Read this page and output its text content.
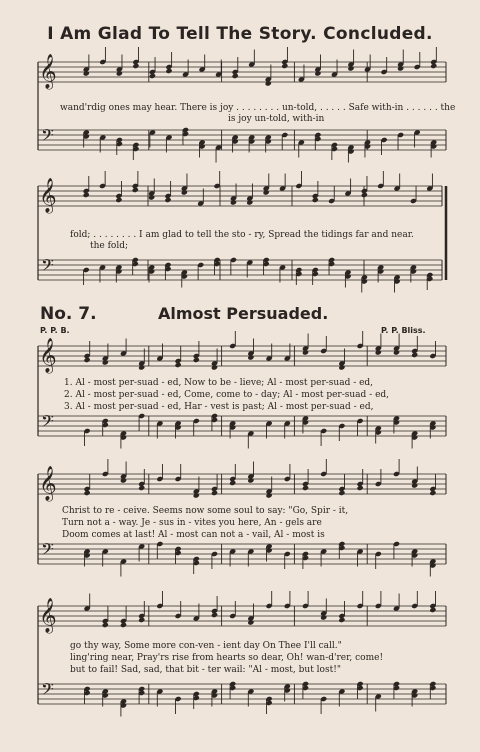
𝄞
𝄢
𝄞
𝄢
𝄞
𝄢
𝄞
𝄢
𝄞
𝄢
I Am Glad To Tell The Story. Concluded.
wand'rdig ones may hear. There is joy . . . . . . . . un-told, . . . . . Safe with-in . . . . . . the
is joy un-told, with-in
fold; . . . . . . . . I am glad to tell the sto - ry, Spread the tidings far and near.
the fold;
No. 7.	Almost Persuaded.
P. P. B.	P. P. Bliss.
1. Al - most per-suad - ed, Now to be - lieve; Al - most per-suad - ed,
2. Al - most per-suad - ed, Come, come to - day; Al - most per-suad - ed,
3. Al - most per-suad - ed, Har - vest is past; Al - most per-suad - ed,
Christ to re - ceive. Seems now some soul to say: "Go, Spir - it,
Turn not a - way. Je - sus in - vites you here, An - gels are
Doom comes at last! Al - most can not a - vail, Al - most is
go thy way, Some more con-ven - ient day On Thee I'll call."
ling'ring near, Pray'rs rise from hearts so dear, Oh! wan-d'rer, come!
but to fail! Sad, sad, that bit - ter wail: "Al - most, but lost!"
